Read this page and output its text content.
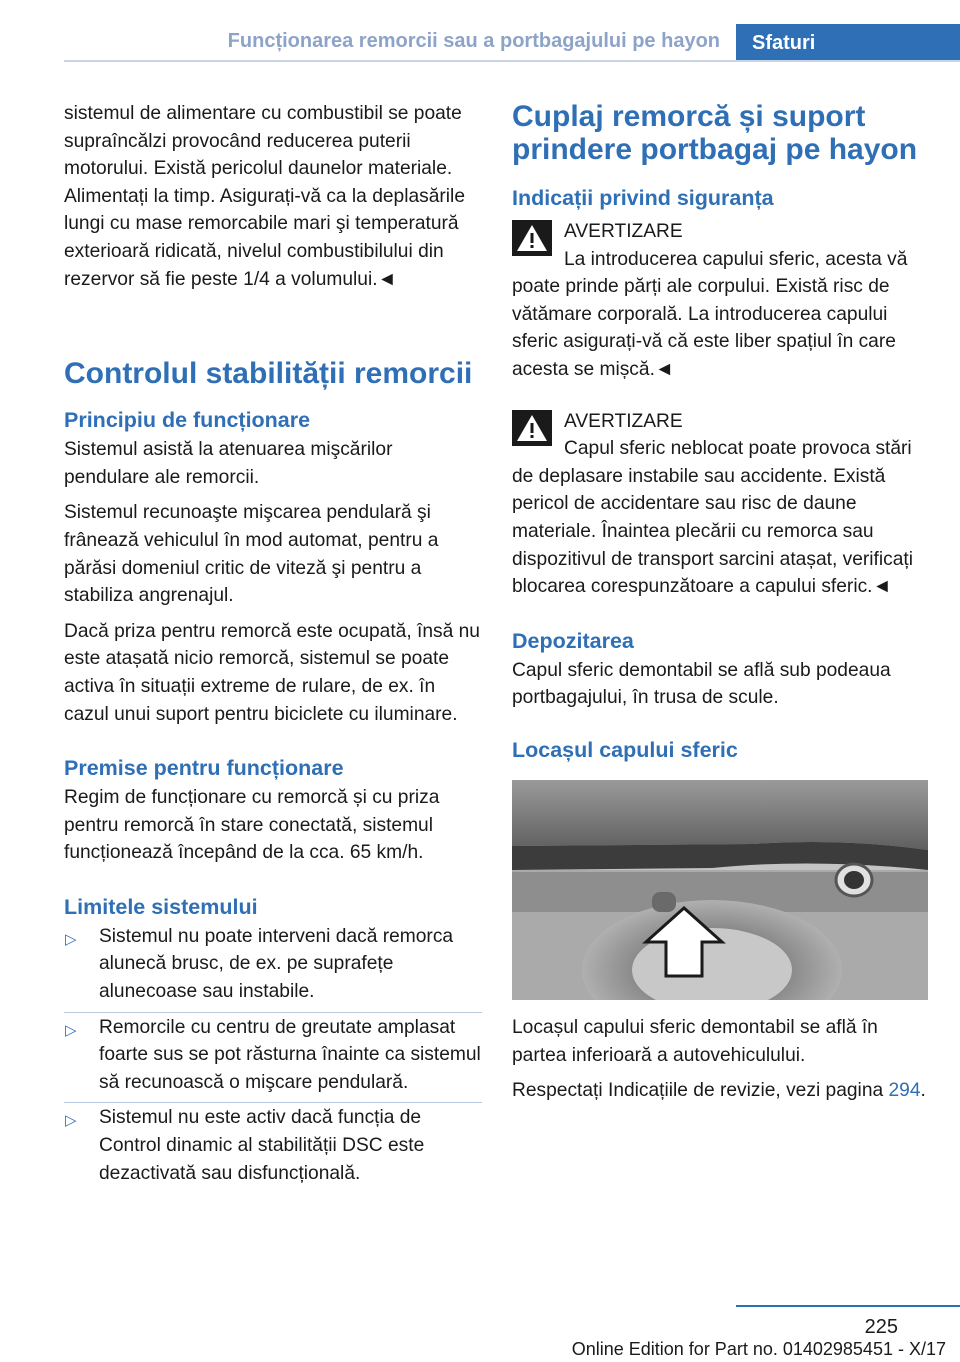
Funcționarea remorcii sau a portbagajului pe hayon	Sfaturi

sistemul de alimentare cu combustibil se poate supraîncălzi provocând reducerea puterii motorului. Există pericolul daunelor materiale. Alimentați la timp. Asigurați-vă ca la deplasările lungi cu mase remorcabile mari şi temperatură exterioară ridicată, nivelul combustibilului din rezervor să fie peste 1/4 a volumului.◄

Controlul stabilității remorcii
Principiu de funcționare

Sistemul asistă la atenuarea mişcărilor pendulare ale remorcii.

Sistemul recunoaşte mişcarea pendulară şi frânează vehiculul în mod automat, pentru a părăsi domeniul critic de viteză şi pentru a stabiliza angrenajul.

Dacă priza pentru remorcă este ocupată, însă nu este atașată nicio remorcă, sistemul se poate activa în situații extreme de rulare, de ex. în cazul unui suport pentru biciclete cu iluminare.

Premise pentru funcționare

Regim de funcționare cu remorcă și cu priza pentru remorcă în stare conectată, sistemul funcționează începând de la cca. 65 km/h.

Limitele sistemului
▷ Sistemul nu poate interveni dacă remorca alunecă brusc, de ex. pe suprafețe alunecoase sau instabile.
▷ Remorcile cu centru de greutate amplasat foarte sus se pot răsturna înainte ca sistemul să recunoască o mişcare pendulară.
▷ Sistemul nu este activ dacă funcția de Control dinamic al stabilității DSC este dezactivată sau disfuncțională.
Cuplaj remorcă și suport prindere portbagaj pe hayon
Indicații privind siguranța
AVERTIZARE

La introducerea capului sferic, acesta vă poate prinde părți ale corpului. Există risc de vătămare corporală. La introducerea capului sferic asigurați-vă că este liber spațiul în care acesta se mișcă.◄

AVERTIZARE

Capul sferic neblocat poate provoca stări de deplasare instabile sau accidente. Există pericol de accidentare sau risc de daune materiale. Înaintea plecării cu remorca sau dispozitivul de transport sarcini atașat, verificați blocarea corespunzătoare a capului sferic.◄

Depozitarea

Capul sferic demontabil se află sub podeaua portbagajului, în trusa de scule.

Locașul capului sferic

Locașul capului sferic demontabil se află în partea inferioară a autovehiculului.

Respectați Indicațiile de revizie, vezi pagina 294.

225
Online Edition for Part no. 01402985451 - X/17
